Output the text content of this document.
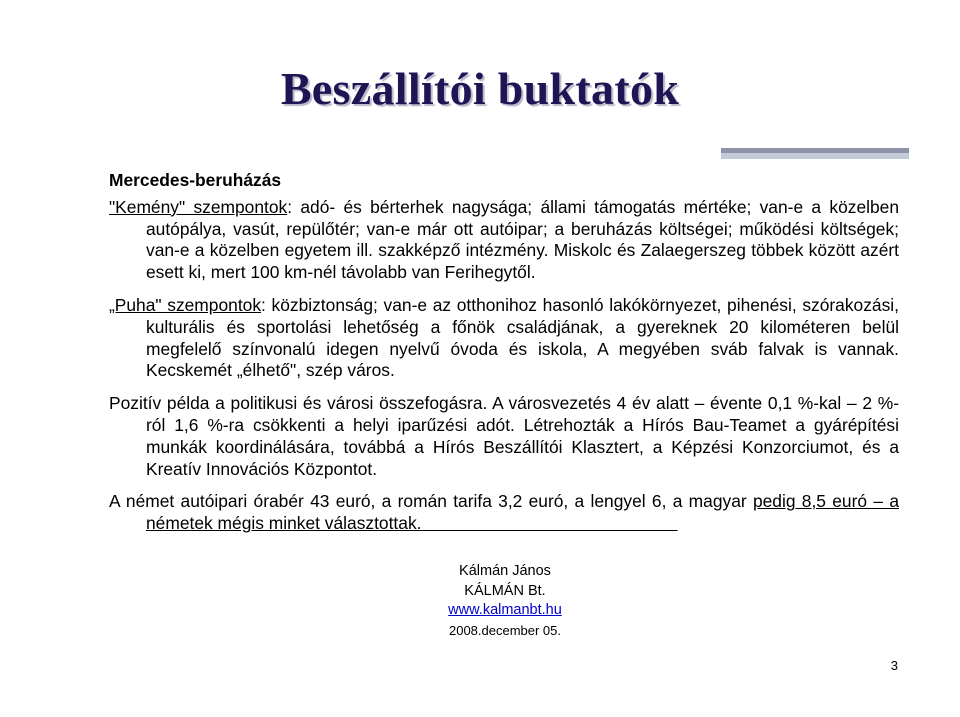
Beszállítói buktatók

Mercedes-beruházás

"Kemény" szempontok: adó- és bérterhek nagysága; állami támogatás mértéke; van-e a közelben autópálya, vasút, repülőtér; van-e már ott autóipar; a beruházás költségei; működési költségek; van-e a közelben egyetem ill. szakképző intézmény. Miskolc és Zalaegerszeg többek között azért esett ki, mert 100 km-nél távolabb van Ferihegytől.

„Puha" szempontok: közbiztonság; van-e az otthonihoz hasonló lakókörnyezet, pihenési, szórakozási, kulturális és sportolási lehetőség a főnök családjának, a gyereknek 20 kilométeren belül megfelelő színvonalú idegen nyelvű óvoda és iskola, A megyében sváb falvak is vannak. Kecskemét „élhető", szép város.

Pozitív példa a politikusi és városi összefogásra. A városvezetés 4 év alatt – évente 0,1 %-kal – 2 %-ról 1,6 %-ra csökkenti a helyi iparűzési adót. Létrehozták a Hírós Bau-Teamet a gyárépítési munkák koordinálására, továbbá a Hírós Beszállítói Klasztert, a Képzési Konzorciumot, és a Kreatív Innovációs Központot.

A német autóipari órabér 43 euró, a román tarifa 3,2 euró, a lengyel 6, a magyar pedig 8,5 euró – a németek mégis minket választottak.

Kálmán János
KÁLMÁN Bt.
www.kalmanbt.hu
2008.december 05.
3
